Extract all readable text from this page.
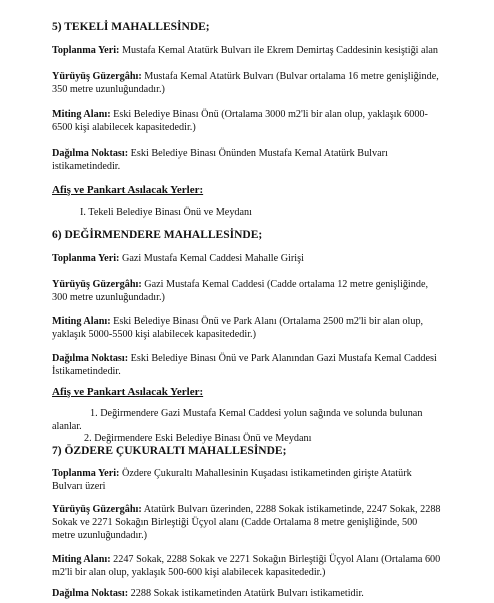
5) TEKELİ MAHALLESİNDE;
Toplanma Yeri: Mustafa Kemal Atatürk Bulvarı ile Ekrem Demirtaş Caddesinin kesiştiği alan
Yürüyüş Güzergâhı: Mustafa Kemal Atatürk Bulvarı (Bulvar ortalama 16 metre genişliğinde,
350 metre uzunluğundadır.)
Miting Alanı: Eski Belediye Binası Önü (Ortalama 3000 m2'li bir alan olup, yaklaşık 6000-
6500 kişi alabilecek kapasitededir.)
Dağılma Noktası: Eski Belediye Binası Önünden Mustafa Kemal Atatürk Bulvarı
istikametindedir.
Afiş ve Pankart Asılacak Yerler:
I. Tekeli Belediye Binası Önü ve Meydanı
6) DEĞİRMENDERE MAHALLESİNDE;
Toplanma Yeri: Gazi Mustafa Kemal Caddesi Mahalle Girişi
Yürüyüş Güzergâhı: Gazi Mustafa Kemal Caddesi (Cadde ortalama 12 metre genişliğinde,
300 metre uzunluğundadır.)
Miting Alanı: Eski Belediye Binası Önü ve Park Alanı (Ortalama 2500 m2'li bir alan olup,
yaklaşık 5000-5500 kişi alabilecek kapasitededir.)
Dağılma Noktası: Eski Belediye Binası Önü ve Park Alanından Gazi Mustafa Kemal Caddesi
İstikametindedir.
Afiş ve Pankart Asılacak Yerler:
1. Değirmendere Gazi Mustafa Kemal Caddesi yolun sağında ve solunda bulunan
alanlar.
2. Değirmendere Eski Belediye Binası Önü ve Meydanı
7) ÖZDERE ÇUKURALTI MAHALLESİNDE;
Toplanma Yeri: Özdere Çukuraltı Mahallesinin Kuşadası istikametinden girişte Atatürk
Bulvarı üzeri
Yürüyüş Güzergâhı: Atatürk Bulvarı üzerinden, 2288 Sokak istikametinde, 2247 Sokak, 2288
Sokak ve 2271 Sokağın Birleştiği Üçyol alanı (Cadde Ortalama 8 metre genişliğinde, 500
metre uzunluğundadır.)
Miting Alanı: 2247 Sokak, 2288 Sokak ve 2271 Sokağın Birleştiği Üçyol Alanı (Ortalama 600
m2'li bir alan olup, yaklaşık 500-600 kişi alabilecek kapasitededir.)
Dağılma Noktası: 2288 Sokak istikametinden Atatürk Bulvarı istikametidir.
